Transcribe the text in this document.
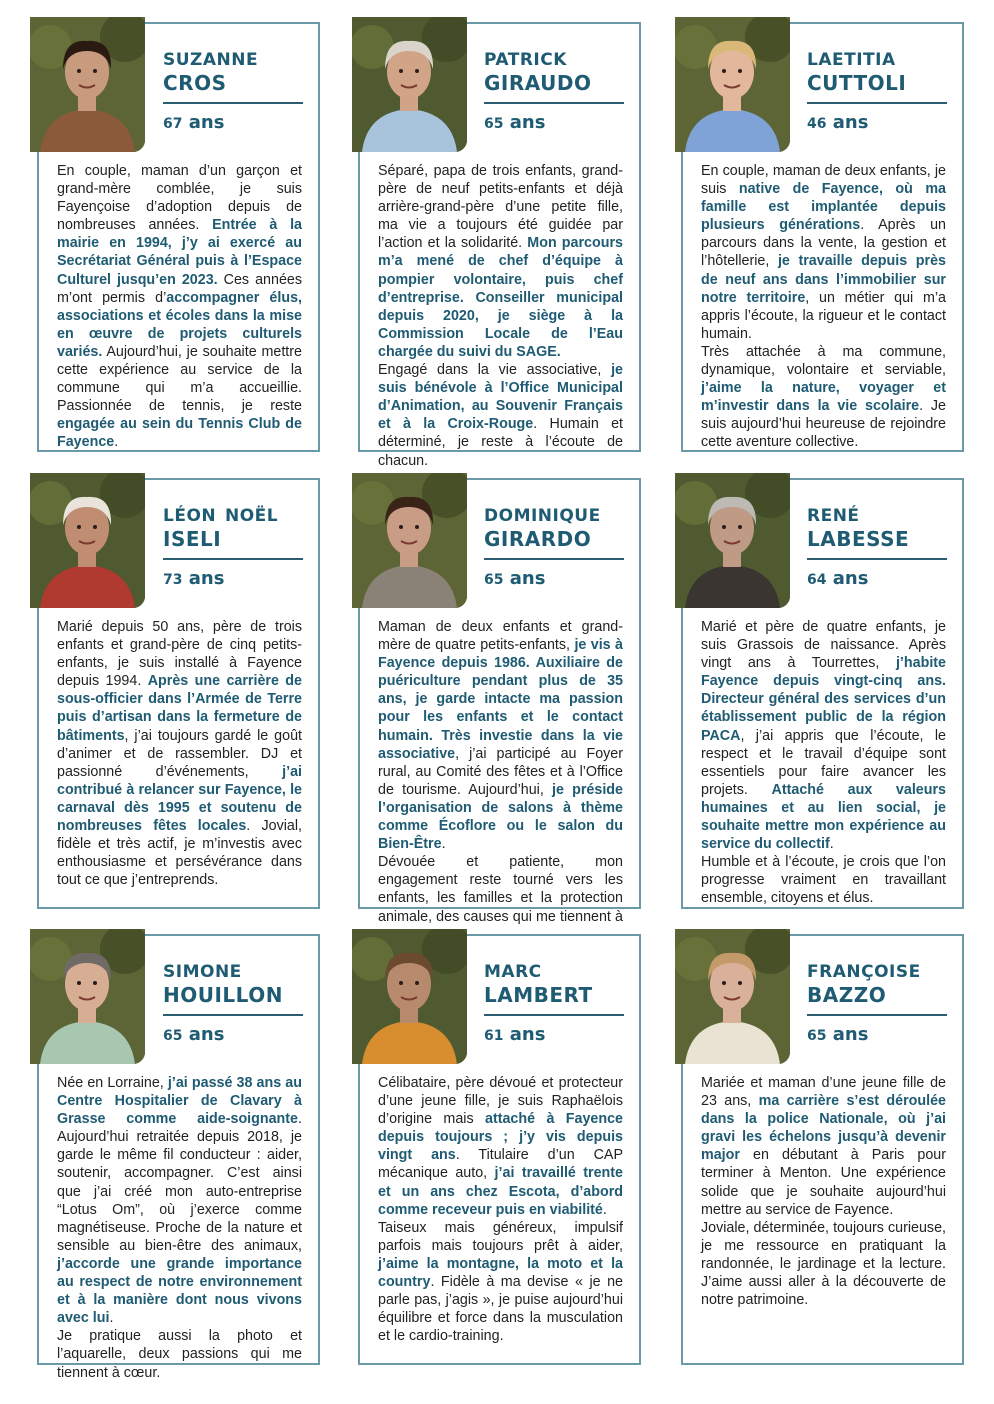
suzanne
CROS
67 ans
En couple, maman d’un garçon et grand-mère comblée, je suis Fayençoise d’adoption depuis de nombreuses années. Entrée à la mairie en 1994, j’y ai exercé au Secrétariat Général puis à l’Espace Culturel jusqu’en 2023. Ces années m’ont permis d’accompagner élus, associations et écoles dans la mise en œuvre de projets culturels variés. Aujourd’hui, je souhaite mettre cette expérience au service de la commune qui m’a accueillie. Passionnée de tennis, je reste engagée au sein du Tennis Club de Fayence.
patrick
GIRAUDO
65 ans
Séparé, papa de trois enfants, grand-père de neuf petits-enfants et déjà arrière-grand-père d’une petite fille, ma vie a toujours été guidée par l’action et la solidarité. Mon parcours m’a mené de chef d’équipe à pompier volontaire, puis chef d’entreprise. Conseiller municipal depuis 2020, je siège à la Commission Locale de l’Eau chargée du suivi du SAGE.
Engagé dans la vie associative, je suis bénévole à l’Office Municipal d’Animation, au Souvenir Français et à la Croix-Rouge. Humain et déterminé, je reste à l’écoute de chacun.
laetitia
CUTTOLI
46 ans
En couple, maman de deux enfants, je suis native de Fayence, où ma famille est implantée depuis plusieurs générations. Après un parcours dans la vente, la gestion et l’hôtellerie, je travaille depuis près de neuf ans dans l’immobilier sur notre territoire, un métier qui m’a appris l’écoute, la rigueur et le contact humain.
Très attachée à ma commune, dynamique, volontaire et serviable, j’aime la nature, voyager et m’investir dans la vie scolaire. Je suis aujourd’hui heureuse de rejoindre cette aventure collective.
léon noël
ISELI
73 ans
Marié depuis 50 ans, père de trois enfants et grand-père de cinq petits-enfants, je suis installé à Fayence depuis 1994. Après une carrière de sous-officier dans l’Armée de Terre puis d’artisan dans la fermeture de bâtiments, j’ai toujours gardé le goût d’animer et de rassembler. DJ et passionné d’événements, j’ai contribué à relancer sur Fayence, le carnaval dès 1995 et soutenu de nombreuses fêtes locales. Jovial, fidèle et très actif, je m’investis avec enthousiasme et persévérance dans tout ce que j’entreprends.
dominique
GIRARDO
65 ans
Maman de deux enfants et grand-mère de quatre petits-enfants, je vis à Fayence depuis 1986. Auxiliaire de puériculture pendant plus de 35 ans, je garde intacte ma passion pour les enfants et le contact humain. Très investie dans la vie associative, j’ai participé au Foyer rural, au Comité des fêtes et à l’Office de tourisme. Aujourd’hui, je préside l’organisation de salons à thème comme Écoflore ou le salon du Bien-Être.
Dévouée et patiente, mon engagement reste tourné vers les enfants, les familles et la protection animale, des causes qui me tiennent à
rené
LABESSE
64 ans
Marié et père de quatre enfants, je suis Grassois de naissance. Après vingt ans à Tourrettes, j’habite Fayence depuis vingt-cinq ans. Directeur général des services d’un établissement public de la région PACA, j’ai appris que l’écoute, le respect et le travail d’équipe sont essentiels pour faire avancer les projets. Attaché aux valeurs humaines et au lien social, je souhaite mettre mon expérience au service du collectif.
Humble et à l’écoute, je crois que l’on progresse vraiment en travaillant ensemble, citoyens et élus.
simone
HOUILLON
65 ans
Née en Lorraine, j’ai passé 38 ans au Centre Hospitalier de Clavary à Grasse comme aide-soignante. Aujourd’hui retraitée depuis 2018, je garde le même fil conducteur : aider, soutenir, accompagner. C’est ainsi que j’ai créé mon auto-entreprise “Lotus Om”, où j’exerce comme magnétiseuse. Proche de la nature et sensible au bien-être des animaux, j’accorde une grande importance au respect de notre environnement et à la manière dont nous vivons avec lui.
Je pratique aussi la photo et l’aquarelle, deux passions qui me tiennent à cœur.
marc
LAMBERT
61 ans
Célibataire, père dévoué et protecteur d’une jeune fille, je suis Raphaëlois d’origine mais attaché à Fayence depuis toujours ; j’y vis depuis vingt ans. Titulaire d’un CAP mécanique auto, j’ai travaillé trente et un ans chez Escota, d’abord comme receveur puis en viabilité.
Taiseux mais généreux, impulsif parfois mais toujours prêt à aider, j’aime la montagne, la moto et la country. Fidèle à ma devise « je ne parle pas, j’agis », je puise aujourd’hui équilibre et force dans la musculation et le cardio-training.
françoise
BAZZO
65 ans
Mariée et maman d’une jeune fille de 23 ans, ma carrière s’est déroulée dans la police Nationale, où j’ai gravi les échelons jusqu’à devenir major en débutant à Paris pour terminer à Menton. Une expérience solide que je souhaite aujourd’hui mettre au service de Fayence.
Joviale, déterminée, toujours curieuse, je me ressource en pratiquant la randonnée, le jardinage et la lecture. J’aime aussi aller à la découverte de notre patrimoine.
